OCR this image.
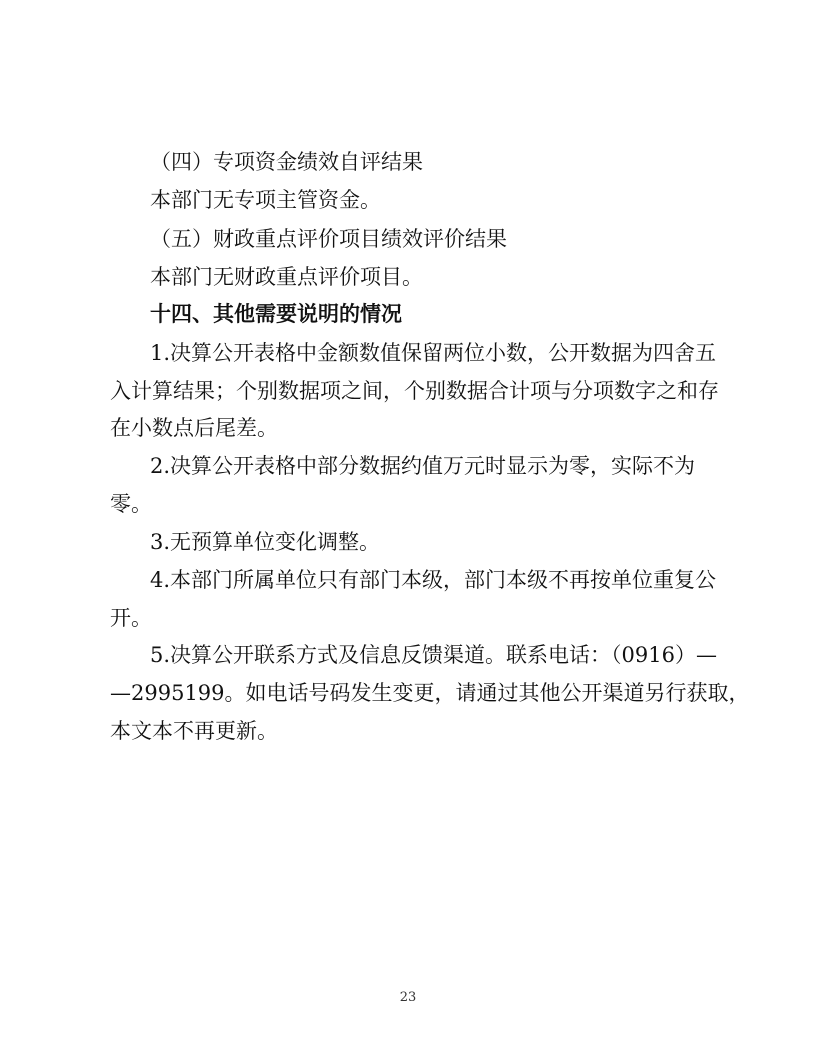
（四）专项资金绩效自评结果
本部门无专项主管资金。
（五）财政重点评价项目绩效评价结果
本部门无财政重点评价项目。
十四、其他需要说明的情况
1.决算公开表格中金额数值保留两位小数，公开数据为四舍五
入计算结果；个别数据项之间，个别数据合计项与分项数字之和存
在小数点后尾差。
2.决算公开表格中部分数据约值万元时显示为零，实际不为
零。
3.无预算单位变化调整。
4.本部门所属单位只有部门本级，部门本级不再按单位重复公
开。
5.决算公开联系方式及信息反馈渠道。联系电话：（0916）—
—2995199。如电话号码发生变更，请通过其他公开渠道另行获取，
本文本不再更新。
23
